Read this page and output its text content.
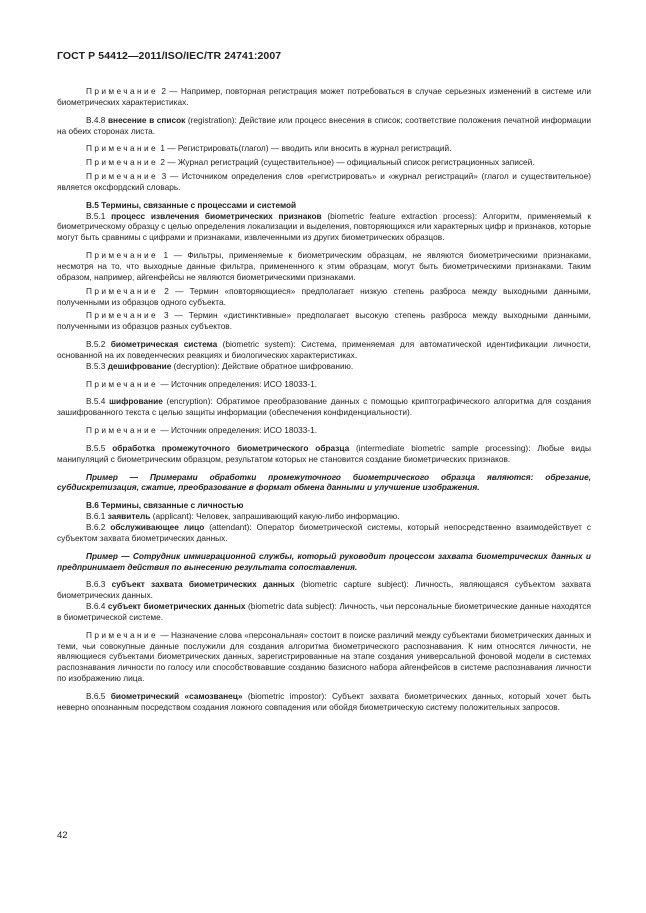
ГОСТ Р 54412—2011/ISO/IEC/TR 24741:2007

Примечание 2 — Например, повторная регистрация может потребоваться в случае серьезных изменений в системе или биометрических характеристиках.

В.4.8 внесение в список (registration): Действие или процесс внесения в список; соответствие положения печатной информации на обеих сторонах листа.

Примечание 1 — Регистрировать(глагол) — вводить или вносить в журнал регистраций.

Примечание 2 — Журнал регистраций (существительное) — официальный список регистрационных записей.

Примечание 3 — Источником определения слов «регистрировать» и «журнал регистраций» (глагол и существительное) является оксфордский словарь.

В.5 Термины, связанные с процессами и системой

В.5.1 процесс извлечения биометрических признаков (biometric feature extraction process): Алгоритм, применяемый к биометрическому образцу с целью определения локализации и выделения, повторяющихся или характерных цифр и признаков, которые могут быть сравнимы с цифрами и признаками, извлеченными из других биометрических образцов.

Примечание 1 — Фильтры, применяемые к биометрическим образцам, не являются биометрическими признаками, несмотря на то, что выходные данные фильтра, примененного к этим образцам, могут быть биометрическими признаками. Таким образом, например, айгенфейсы не являются биометрическими признаками.

Примечание 2 — Термин «повторяющиеся» предполагает низкую степень разброса между выходными данными, полученными из образцов одного субъекта.

Примечание 3 — Термин «дистинктивные» предполагает высокую степень разброса между выходными данными, полученными из образцов разных субъектов.

В.5.2 биометрическая система (biometric system): Система, применяемая для автоматической идентификации личности, основанной на их поведенческих реакциях и биологических характеристиках.

В.5.3 дешифрование (decryption): Действие обратное шифрованию.

Примечание — Источник определения: ИСО 18033-1.

В.5.4 шифрование (encryption): Обратимое преобразование данных с помощью криптографического алгоритма для создания зашифрованного текста с целью защиты информации (обеспечения конфиденциальности).

Примечание — Источник определения: ИСО 18033-1.

В.5.5 обработка промежуточного биометрического образца (intermediate biometric sample processing): Любые виды манипуляций с биометрическим образцом, результатом которых не становится создание биометрических признаков.

Пример — Примерами обработки промежуточного биометрического образца являются: обрезание, субдискретизация, сжатие, преобразование в формат обмена данными и улучшение изображения.

В.6 Термины, связанные с личностью

В.6.1 заявитель (applicant): Человек, запрашивающий какую-либо информацию.

В.6.2 обслуживающее лицо (attendant): Оператор биометрической системы, который непосредственно взаимодействует с субъектом захвата биометрических данных.

Пример — Сотрудник иммиграционной службы, который руководит процессом захвата биометрических данных и предпринимает действия по вынесению результата сопоставления.

В.6.3 субъект захвата биометрических данных (biometric capture subject): Личность, являющаяся субъектом захвата биометрических данных.

В.6.4 субъект биометрических данных (biometric data subject): Личность, чьи персональные биометрические данные находятся в биометрической системе.

Примечание — Назначение слова «персональная» состоит в поиске различий между субъектами биометрических данных и теми, чьи совокупные данные послужили для создания алгоритма биометрического распознавания. К ним относятся личности, не являющиеся субъектами биометрических данных, зарегистрированные на этапе создания универсальной фоновой модели в системах распознавания личности по голосу или способствовавшие созданию базисного набора айгенфейсов в системе распознавания личности по изображению лица.

В.6.5 биометрический «самозванец» (biometric impostor): Субъект захвата биометрических данных, который хочет быть неверно опознанным посредством создания ложного совпадения или обойдя биометрическую систему положительных запросов.

42
